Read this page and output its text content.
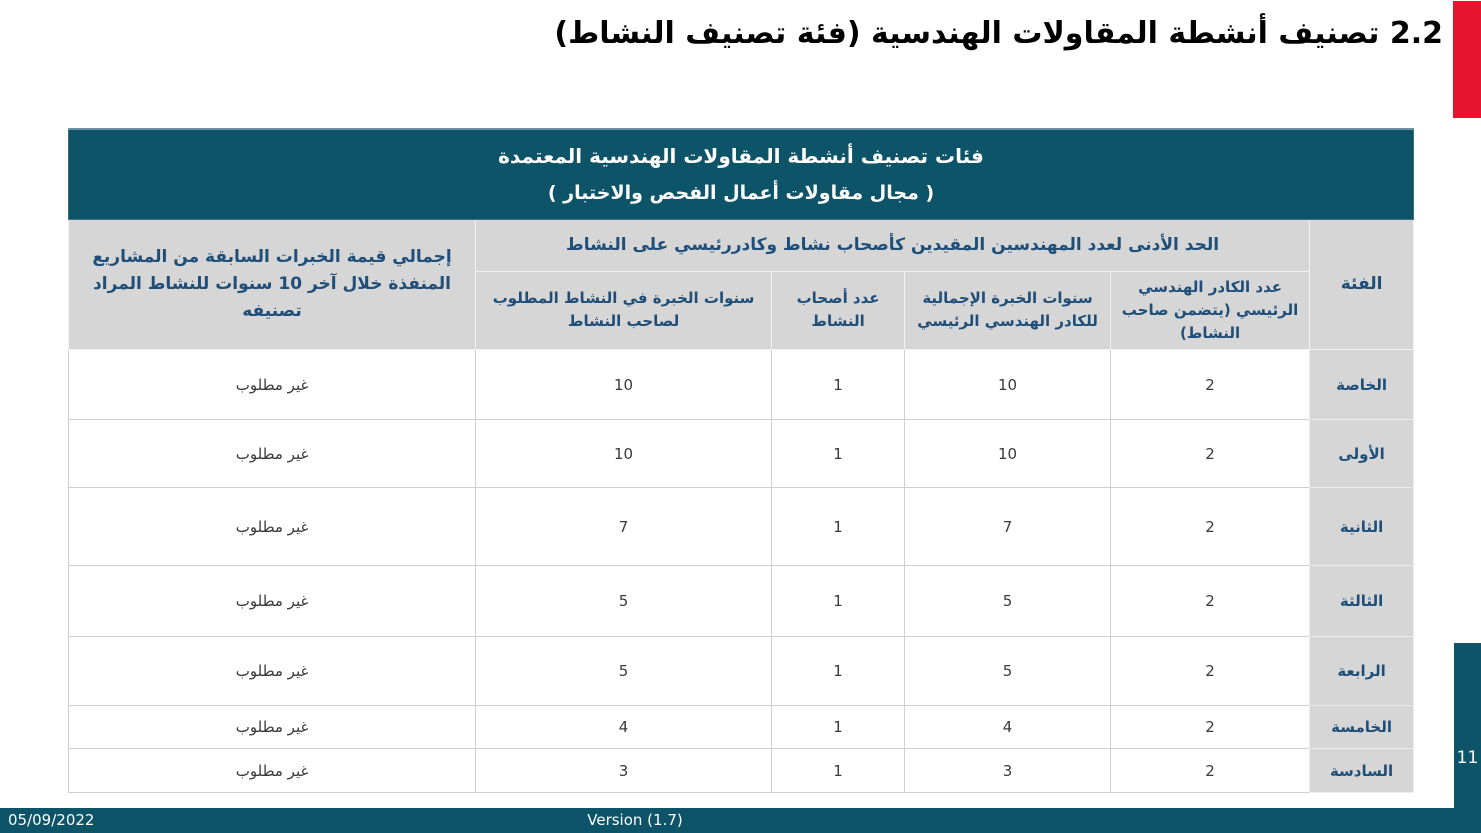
2.2 تصنيف أنشطة المقاولات الهندسية (فئة تصنيف النشاط)
فئات تصنيف أنشطة المقاولات الهندسية المعتمدة
( مجال مقاولات أعمال الفحص والاختبار )					

الفئة	الحد الأدنى لعدد المهندسين المقيدين كأصحاب نشاط وكادررئيسي على النشاط				إجمالي قيمة الخبرات السابقة من المشاريع المنفذة خلال آخر 10 سنوات للنشاط المراد تصنيفه
	عدد الكادر الهندسي الرئيسي (يتضمن صاحب النشاط)	سنوات الخبرة الإجمالية للكادر الهندسي الرئيسي	عدد أصحاب النشاط	سنوات الخبرة في النشاط المطلوب لصاحب النشاط	
الخاصة	2	10	1	10	غير مطلوب
الأولى	2	10	1	10	غير مطلوب
الثانية	2	7	1	7	غير مطلوب
الثالثة	2	5	1	5	غير مطلوب
الرابعة	2	5	1	5	غير مطلوب
الخامسة	2	4	1	4	غير مطلوب
السادسة	2	3	1	3	غير مطلوب
11
05/09/2022	Version (1.7)
